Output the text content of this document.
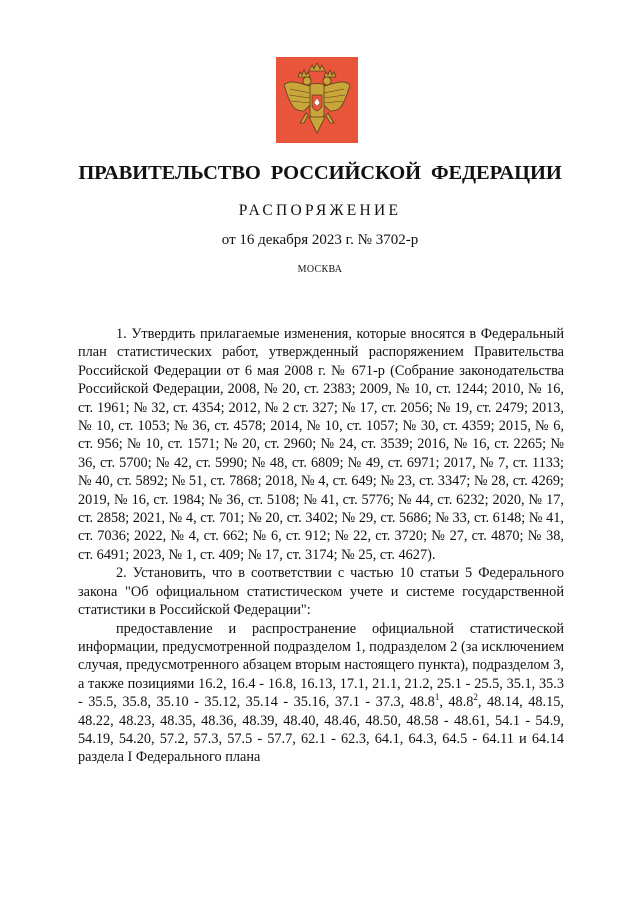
ПРАВИТЕЛЬСТВО РОССИЙСКОЙ ФЕДЕРАЦИИ
РАСПОРЯЖЕНИЕ
от 16 декабря 2023 г. № 3702-р
МОСКВА

1. Утвердить прилагаемые изменения, которые вносятся в Федеральный план статистических работ, утвержденный распоряжением Правительства Российской Федерации от 6 мая 2008 г. № 671-р (Собрание законодательства Российской Федерации, 2008, № 20, ст. 2383; 2009, № 10, ст. 1244; 2010, № 16, ст. 1961; № 32, ст. 4354; 2012, № 2 ст. 327; № 17, ст. 2056; № 19, ст. 2479; 2013, № 10, ст. 1053; № 36, ст. 4578; 2014, № 10, ст. 1057; № 30, ст. 4359; 2015, № 6, ст. 956; № 10, ст. 1571; № 20, ст. 2960; № 24, ст. 3539; 2016, № 16, ст. 2265; № 36, ст. 5700; № 42, ст. 5990; № 48, ст. 6809; № 49, ст. 6971; 2017, № 7, ст. 1133; № 40, ст. 5892; № 51, ст. 7868; 2018, № 4, ст. 649; № 23, ст. 3347; № 28, ст. 4269; 2019, № 16, ст. 1984; № 36, ст. 5108; № 41, ст. 5776; № 44, ст. 6232; 2020, № 17, ст. 2858; 2021, № 4, ст. 701; № 20, ст. 3402; № 29, ст. 5686; № 33, ст. 6148; № 41, ст. 7036; 2022, № 4, ст. 662; № 6, ст. 912; № 22, ст. 3720; № 27, ст. 4870; № 38, ст. 6491; 2023, № 1, ст. 409; № 17, ст. 3174; № 25, ст. 4627).

2. Установить, что в соответствии с частью 10 статьи 5 Федерального закона "Об официальном статистическом учете и системе государственной статистики в Российской Федерации":

предоставление и распространение официальной статистической информации, предусмотренной подразделом 1, подразделом 2 (за исключением случая, предусмотренного абзацем вторым настоящего пункта), подразделом 3, а также позициями 16.2, 16.4 - 16.8, 16.13, 17.1, 21.1, 21.2, 25.1 - 25.5, 35.1, 35.3 - 35.5, 35.8, 35.10 - 35.12, 35.14 - 35.16, 37.1 - 37.3, 48.8$^1$, 48.8$^2$, 48.14, 48.15, 48.22, 48.23, 48.35, 48.36, 48.39, 48.40, 48.46, 48.50, 48.58 - 48.61, 54.1 - 54.9, 54.19, 54.20, 57.2, 57.3, 57.5 - 57.7, 62.1 - 62.3, 64.1, 64.3, 64.5 - 64.11 и 64.14 раздела I Федерального плана
